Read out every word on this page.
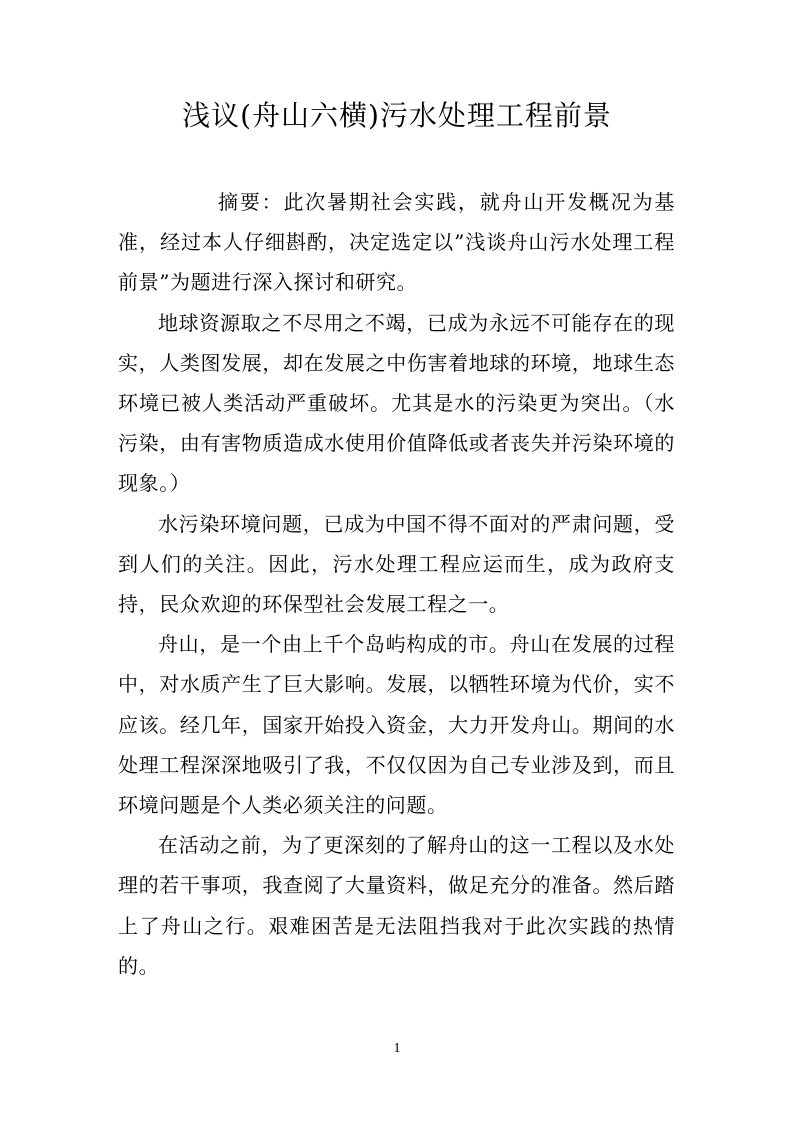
浅议(舟山六横)污水处理工程前景

摘要：此次暑期社会实践，就舟山开发概况为基准，经过本人仔细斟酌，决定选定以”浅谈舟山污水处理工程前景”为题进行深入探讨和研究。

地球资源取之不尽用之不竭，已成为永远不可能存在的现实，人类图发展，却在发展之中伤害着地球的环境，地球生态环境已被人类活动严重破坏。尤其是水的污染更为突出。（水污染，由有害物质造成水使用价值降低或者丧失并污染环境的现象。）

水污染环境问题，已成为中国不得不面对的严肃问题，受到人们的关注。因此，污水处理工程应运而生，成为政府支持，民众欢迎的环保型社会发展工程之一。

舟山，是一个由上千个岛屿构成的市。舟山在发展的过程中，对水质产生了巨大影响。发展，以牺牲环境为代价，实不应该。经几年，国家开始投入资金，大力开发舟山。期间的水处理工程深深地吸引了我，不仅仅因为自己专业涉及到，而且环境问题是个人类必须关注的问题。

在活动之前，为了更深刻的了解舟山的这一工程以及水处理的若干事项，我查阅了大量资料，做足充分的准备。然后踏上了舟山之行。艰难困苦是无法阻挡我对于此次实践的热情的。

1
